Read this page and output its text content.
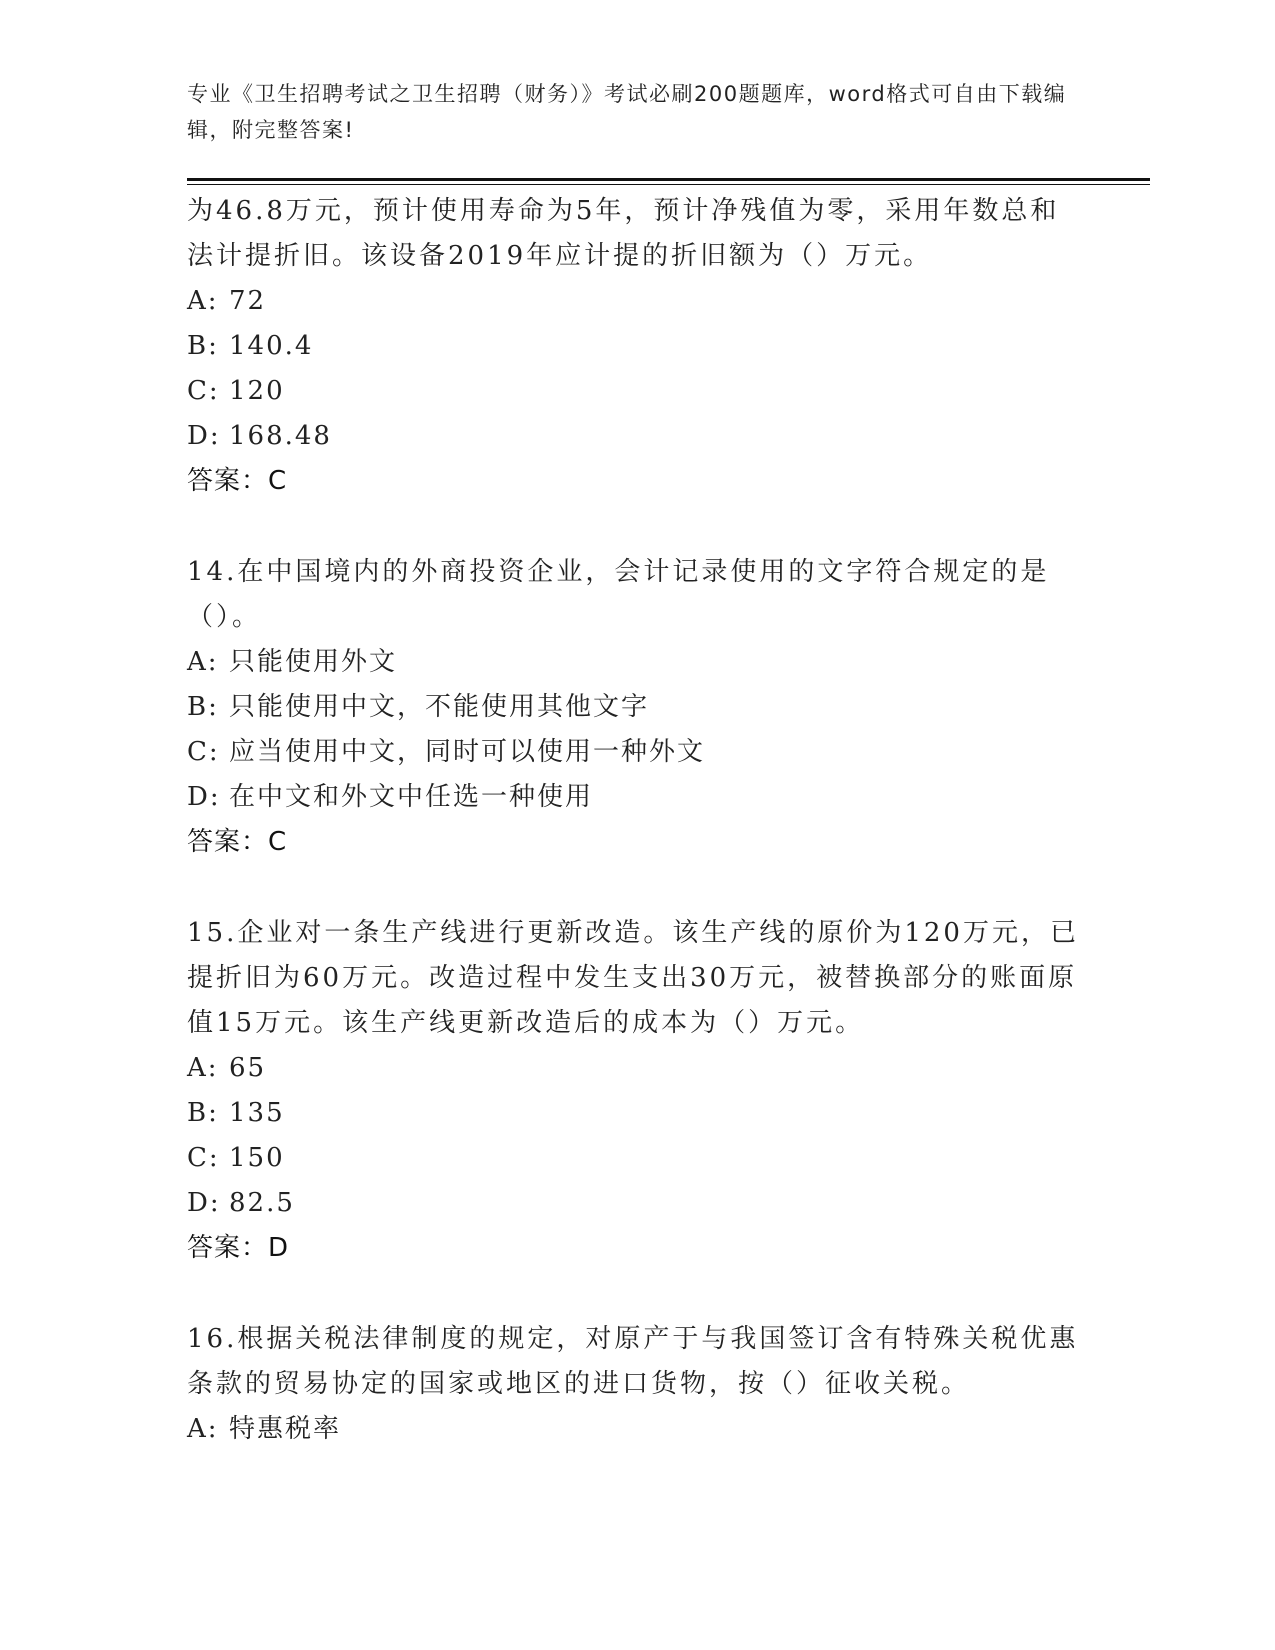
专业《卫生招聘考试之卫生招聘（财务）》考试必刷200题题库，word格式可自由下载编辑，附完整答案!

为46.8万元，预计使用寿命为5年，预计净残值为零，采用年数总和法计提折旧。该设备2019年应计提的折旧额为（）万元。

A: 72

B: 140.4

C: 120

D: 168.48

答案：C

14.在中国境内的外商投资企业，会计记录使用的文字符合规定的是（）。

A: 只能使用外文

B: 只能使用中文，不能使用其他文字

C: 应当使用中文，同时可以使用一种外文

D: 在中文和外文中任选一种使用

答案：C

15.企业对一条生产线进行更新改造。该生产线的原价为120万元，已提折旧为60万元。改造过程中发生支出30万元，被替换部分的账面原值15万元。该生产线更新改造后的成本为（）万元。

A: 65

B: 135

C: 150

D: 82.5

答案：D

16.根据关税法律制度的规定，对原产于与我国签订含有特殊关税优惠条款的贸易协定的国家或地区的进口货物，按（）征收关税。

A: 特惠税率
